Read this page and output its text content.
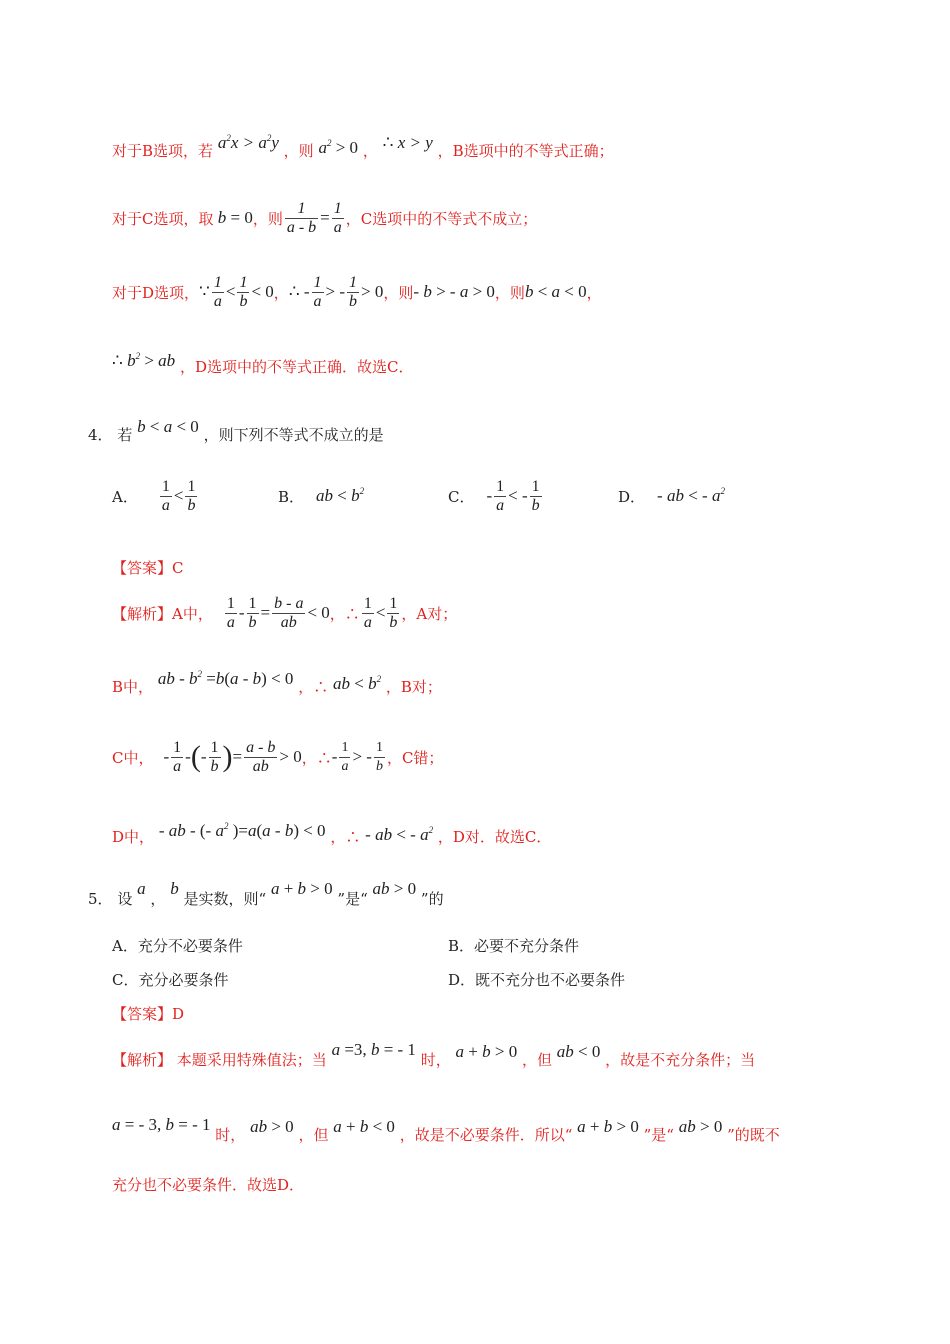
对于B选项，若 $a^2x > a^2y$ ，则 $a^2 > 0$ ， ∴ x > y ，B选项中的不等式正确；
对于C选项，取 b = 0 ，则 $\frac{1}{a - b} = \frac{1}{a}$ ，C选项中的不等式不成立；
对于D选项， ∵ $\frac{1}{a} < \frac{1}{b} < 0$ ， ∴ - $\frac{1}{a}$ > - $\frac{1}{b} > 0$ ，则 - b > - a > 0 ，则 b < a < 0 ，
∴ $b^2$ > ab ，D选项中的不等式正确．故选C．
4． 若 b < a < 0 ，则下列不等式不成立的是
A． $\frac{1}{a} < \frac{1}{b}$	B． ab < $b^2$	C． - $\frac{1}{a}$ < - $\frac{1}{b}$	D． - ab < - $a^2$
【答案】C
【解析】 A中， $\frac{1}{a} - \frac{1}{b} = \frac{b - a}{ab} < 0$ ，∴ $\frac{1}{a} < \frac{1}{b}$ ，A对；
B中， ab - $b^2 =b(a - b) < 0$ ，∴ ab < $b^2$ ，B对；
C中， - $\frac{1}{a}$ - ( - $\frac{1}{b}$ ) = $\frac{a - b}{ab} > 0$ ，∴ - $\frac{1}{a}$ > - $\frac{1}{b}$ ，C错；
D中， - ab - (- $a^2$ )=a(a - b) < 0 ，∴ - ab < - $a^2$ ，D对．故选C．
5． 设 a ， b 是实数，则“ a + b > 0 ”是“ ab > 0 ”的
A．充分不必要条件	B．必要不充分条件
C．充分必要条件	D．既不充分也不必要条件
【答案】D
【解析】 本题采用特殊值法；当 a =3, b = - 1 时， a + b > 0 ，但 ab < 0 ，故是不充分条件；当
a = - 3, b = - 1 时， ab > 0 ，但 a + b < 0 ，故是不必要条件．所以“ a + b > 0 ”是“ ab > 0 ”的既不
充分也不必要条件．故选D．
